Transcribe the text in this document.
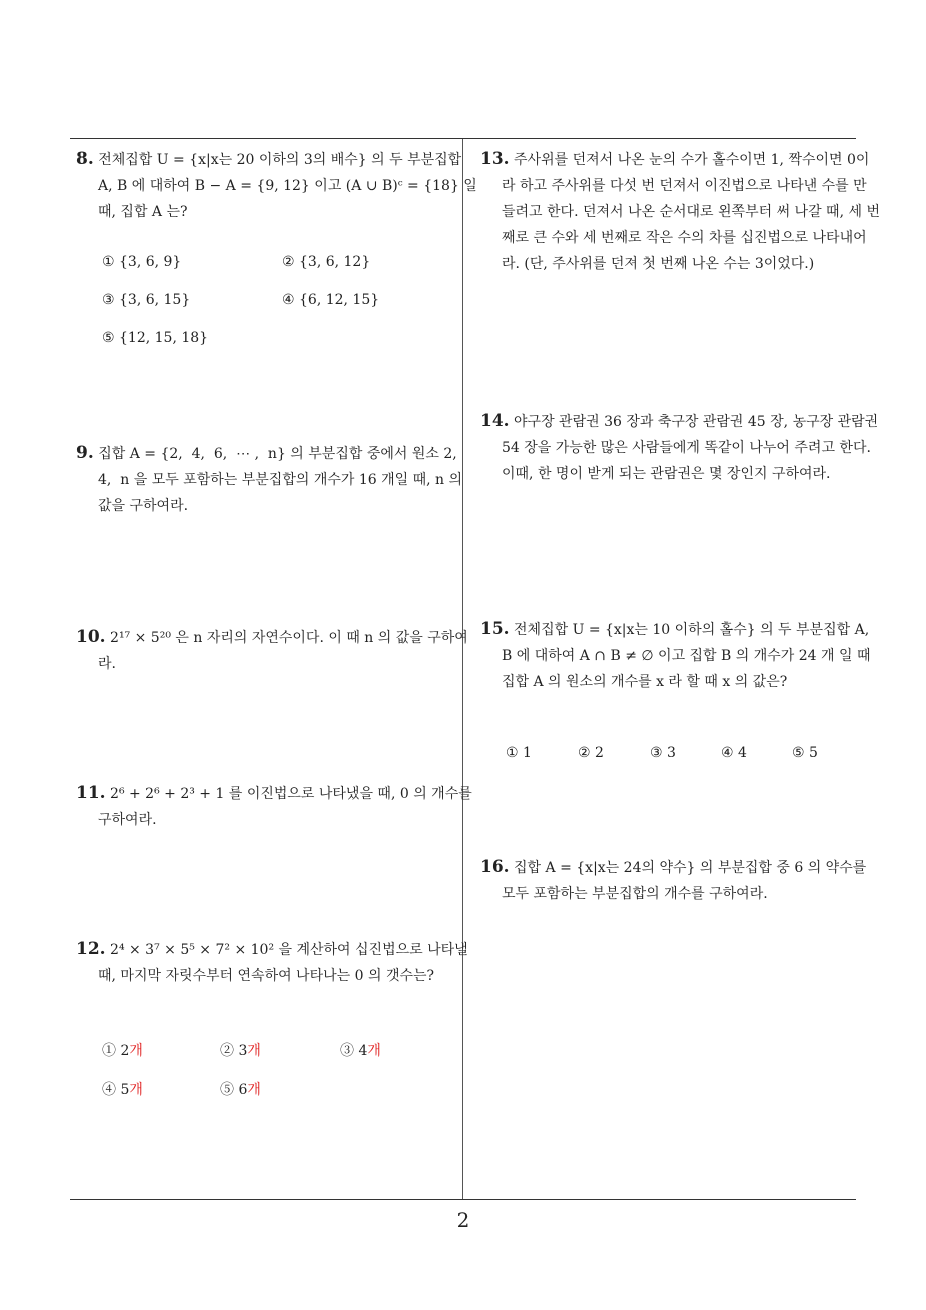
8. 전체집합 U = {x|x는 20 이하의 3의 배수} 의 두 부분집합 A, B 에 대하여 B − A = {9, 12} 이고 (A ∪ B)ᶜ = {18} 일 때, 집합 A 는?
① {3, 6, 9}	② {3, 6, 12}
③ {3, 6, 15}	④ {6, 12, 15}
⑤ {12, 15, 18}
9. 집합 A = {2,  4,  6,  ⋯ ,  n} 의 부분집합 중에서 원소 2,  4,  n 을 모두 포함하는 부분집합의 개수가 16 개일 때, n 의 값을 구하여라.
10. 2¹⁷ × 5²⁰ 은 n 자리의 자연수이다. 이 때 n 의 값을 구하여라.
11. 2⁶ + 2⁶ + 2³ + 1 를 이진법으로 나타냈을 때, 0 의 개수를 구하여라.
12. 2⁴ × 3⁷ × 5⁵ × 7² × 10² 을 계산하여 십진법으로 나타낼 때, 마지막 자릿수부터 연속하여 나타나는 0 의 갯수는?
① 2개	② 3개	③ 4개
④ 5개	⑤ 6개
13. 주사위를 던져서 나온 눈의 수가 홀수이면 1, 짝수이면 0이라 하고 주사위를 다섯 번 던져서 이진법으로 나타낸 수를 만들려고 한다. 던져서 나온 순서대로 왼쪽부터 써 나갈 때, 세 번째로 큰 수와 세 번째로 작은 수의 차를 십진법으로 나타내어라. (단, 주사위를 던져 첫 번째 나온 수는 3이었다.)
14. 야구장 관람권 36 장과 축구장 관람권 45 장, 농구장 관람권 54 장을 가능한 많은 사람들에게 똑같이 나누어 주려고 한다. 이때, 한 명이 받게 되는 관람권은 몇 장인지 구하여라.
15. 전체집합 U = {x|x는 10 이하의 홀수} 의 두 부분집합 A, B 에 대하여 A ∩ B ≠ ∅ 이고 집합 B 의 개수가 24 개 일 때 집합 A 의 원소의 개수를 x 라 할 때 x 의 값은?
① 1	② 2	③ 3	④ 4	⑤ 5
16. 집합 A = {x|x는 24의 약수} 의 부분집합 중 6 의 약수를 모두 포함하는 부분집합의 개수를 구하여라.
2
